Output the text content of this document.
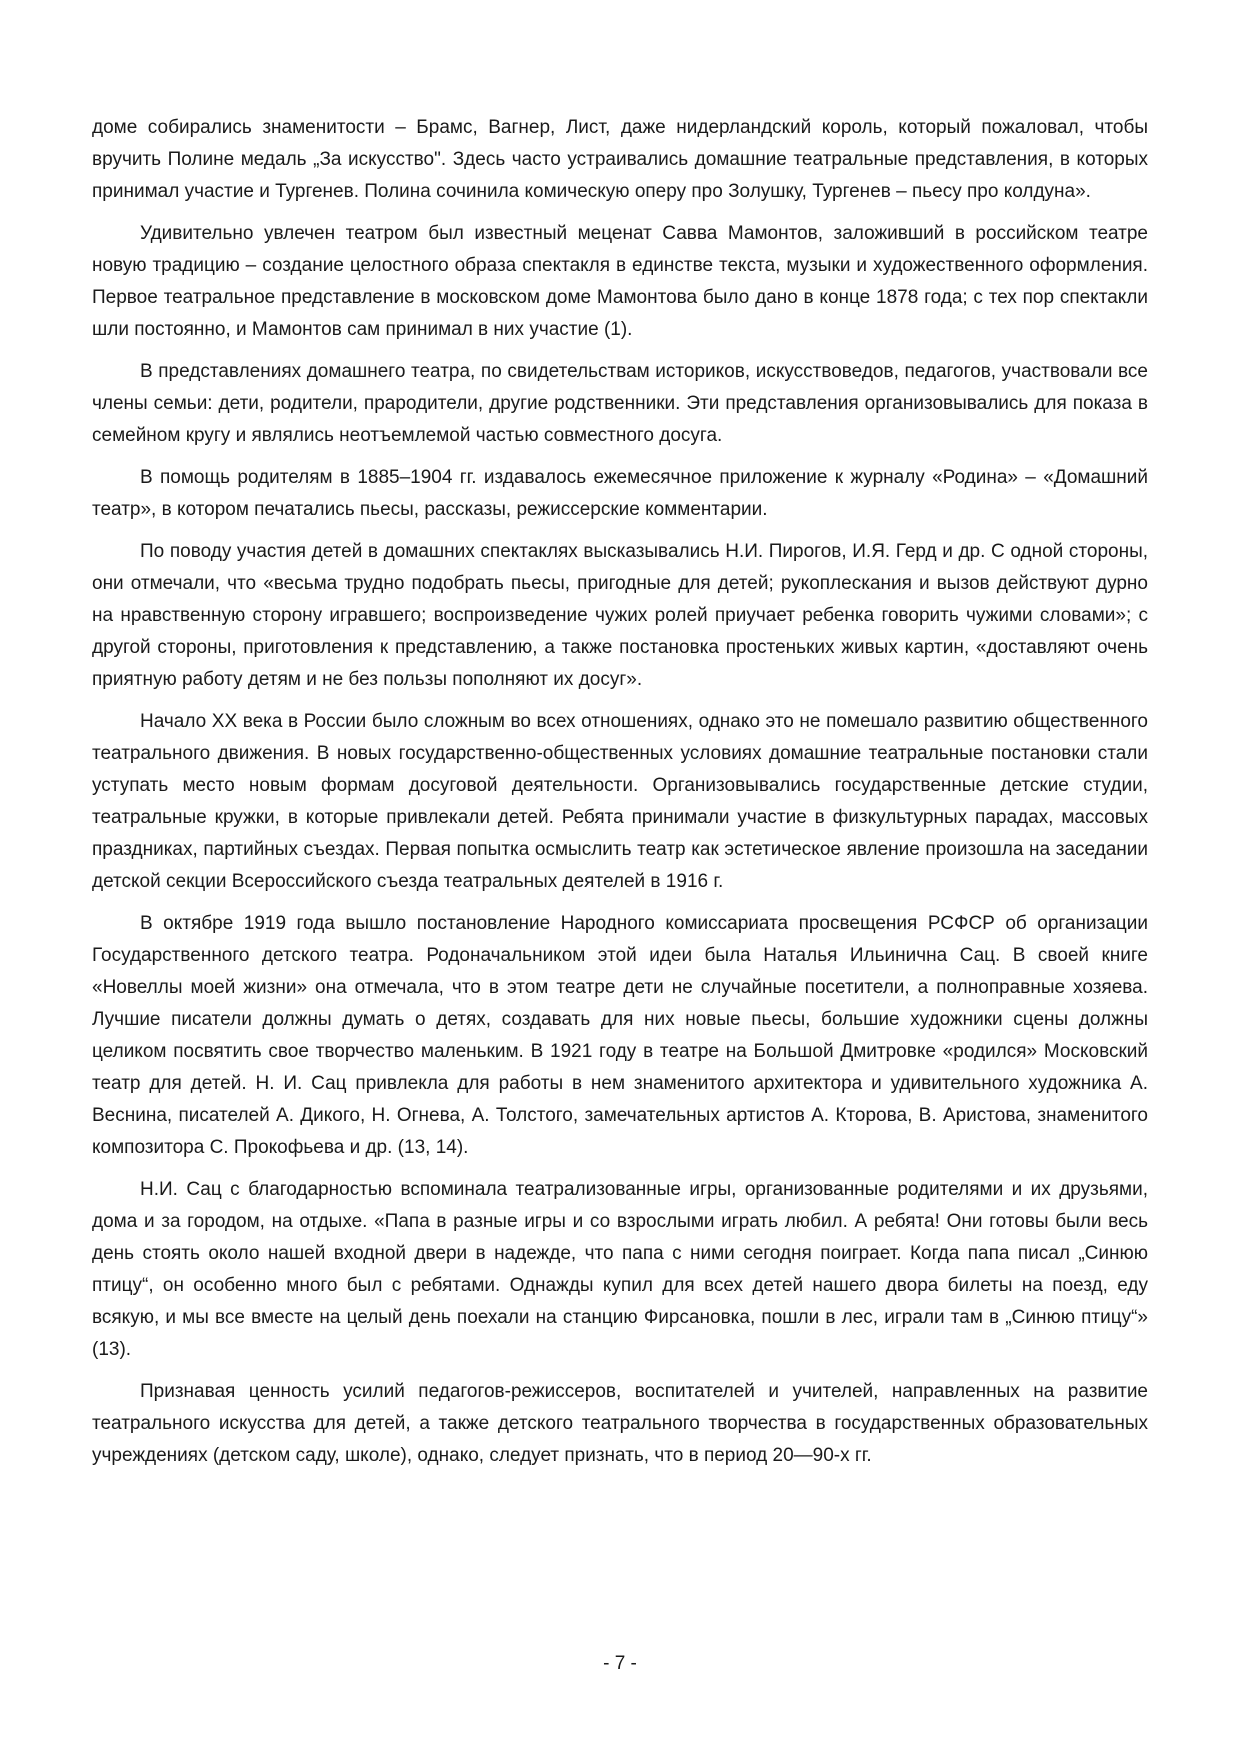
доме собирались знаменитости – Брамс, Вагнер, Лист, даже нидерландский король, который пожаловал, чтобы вручить Полине медаль „За искусство". Здесь часто устраивались домашние театральные представления, в которых принимал участие и Тургенев. Полина сочинила комическую оперу про Золушку, Тургенев – пьесу про колдуна».

Удивительно увлечен театром был известный меценат Савва Мамонтов, заложивший в российском театре новую традицию – создание целостного образа спектакля в единстве текста, музыки и художественного оформления. Первое театральное представление в московском доме Мамонтова было дано в конце 1878 года; с тех пор спектакли шли постоянно, и Мамонтов сам принимал в них участие (1).

В представлениях домашнего театра, по свидетельствам историков, искусствоведов, педагогов, участвовали все члены семьи: дети, родители, прародители, другие родственники. Эти представления организовывались для показа в семейном кругу и являлись неотъемлемой частью совместного досуга.

В помощь родителям в 1885–1904 гг. издавалось ежемесячное приложение к журналу «Родина» – «Домашний театр», в котором печатались пьесы, рассказы, режиссерские комментарии.

По поводу участия детей в домашних спектаклях высказывались Н.И. Пирогов, И.Я. Герд и др. С одной стороны, они отмечали, что «весьма трудно подобрать пьесы, пригодные для детей; рукоплескания и вызов действуют дурно на нравственную сторону игравшего; воспроизведение чужих ролей приучает ребенка говорить чужими словами»; с другой стороны, приготовления к представлению, а также постановка простеньких живых картин, «доставляют очень приятную работу детям и не без пользы пополняют их досуг».

Начало XX века в России было сложным во всех отношениях, однако это не помешало развитию общественного театрального движения. В новых государственно-общественных условиях домашние театральные постановки стали уступать место новым формам досуговой деятельности. Организовывались государственные детские студии, театральные кружки, в которые привлекали детей. Ребята принимали участие в физкультурных парадах, массовых праздниках, партийных съездах. Первая попытка осмыслить театр как эстетическое явление произошла на заседании детской секции Всероссийского съезда театральных деятелей в 1916 г.

В октябре 1919 года вышло постановление Народного комиссариата просвещения РСФСР об организации Государственного детского театра. Родоначальником этой идеи была Наталья Ильинична Сац. В своей книге «Новеллы моей жизни» она отмечала, что в этом театре дети не случайные посетители, а полноправные хозяева. Лучшие писатели должны думать о детях, создавать для них новые пьесы, большие художники сцены должны целиком посвятить свое творчество маленьким. В 1921 году в театре на Большой Дмитровке «родился» Московский театр для детей. Н. И. Сац привлекла для работы в нем знаменитого архитектора и удивительного художника А. Веснина, писателей А. Дикого, Н. Огнева, А. Толстого, замечательных артистов А. Кторова, В. Аристова, знаменитого композитора С. Прокофьева и др. (13, 14).

Н.И. Сац с благодарностью вспоминала театрализованные игры, организованные родителями и их друзьями, дома и за городом, на отдыхе. «Папа в разные игры и со взрослыми играть любил. А ребята! Они готовы были весь день стоять около нашей входной двери в надежде, что папа с ними сегодня поиграет. Когда папа писал „Синюю птицу“, он особенно много был с ребятами. Однажды купил для всех детей нашего двора билеты на поезд, еду всякую, и мы все вместе на целый день поехали на станцию Фирсановка, пошли в лес, играли там в „Синюю птицу“» (13).

Признавая ценность усилий педагогов-режиссеров, воспитателей и учителей, направленных на развитие театрального искусства для детей, а также детского театрального творчества в государственных образовательных учреждениях (детском саду, школе), однако, следует признать, что в период 20—90-х гг.

- 7 -
